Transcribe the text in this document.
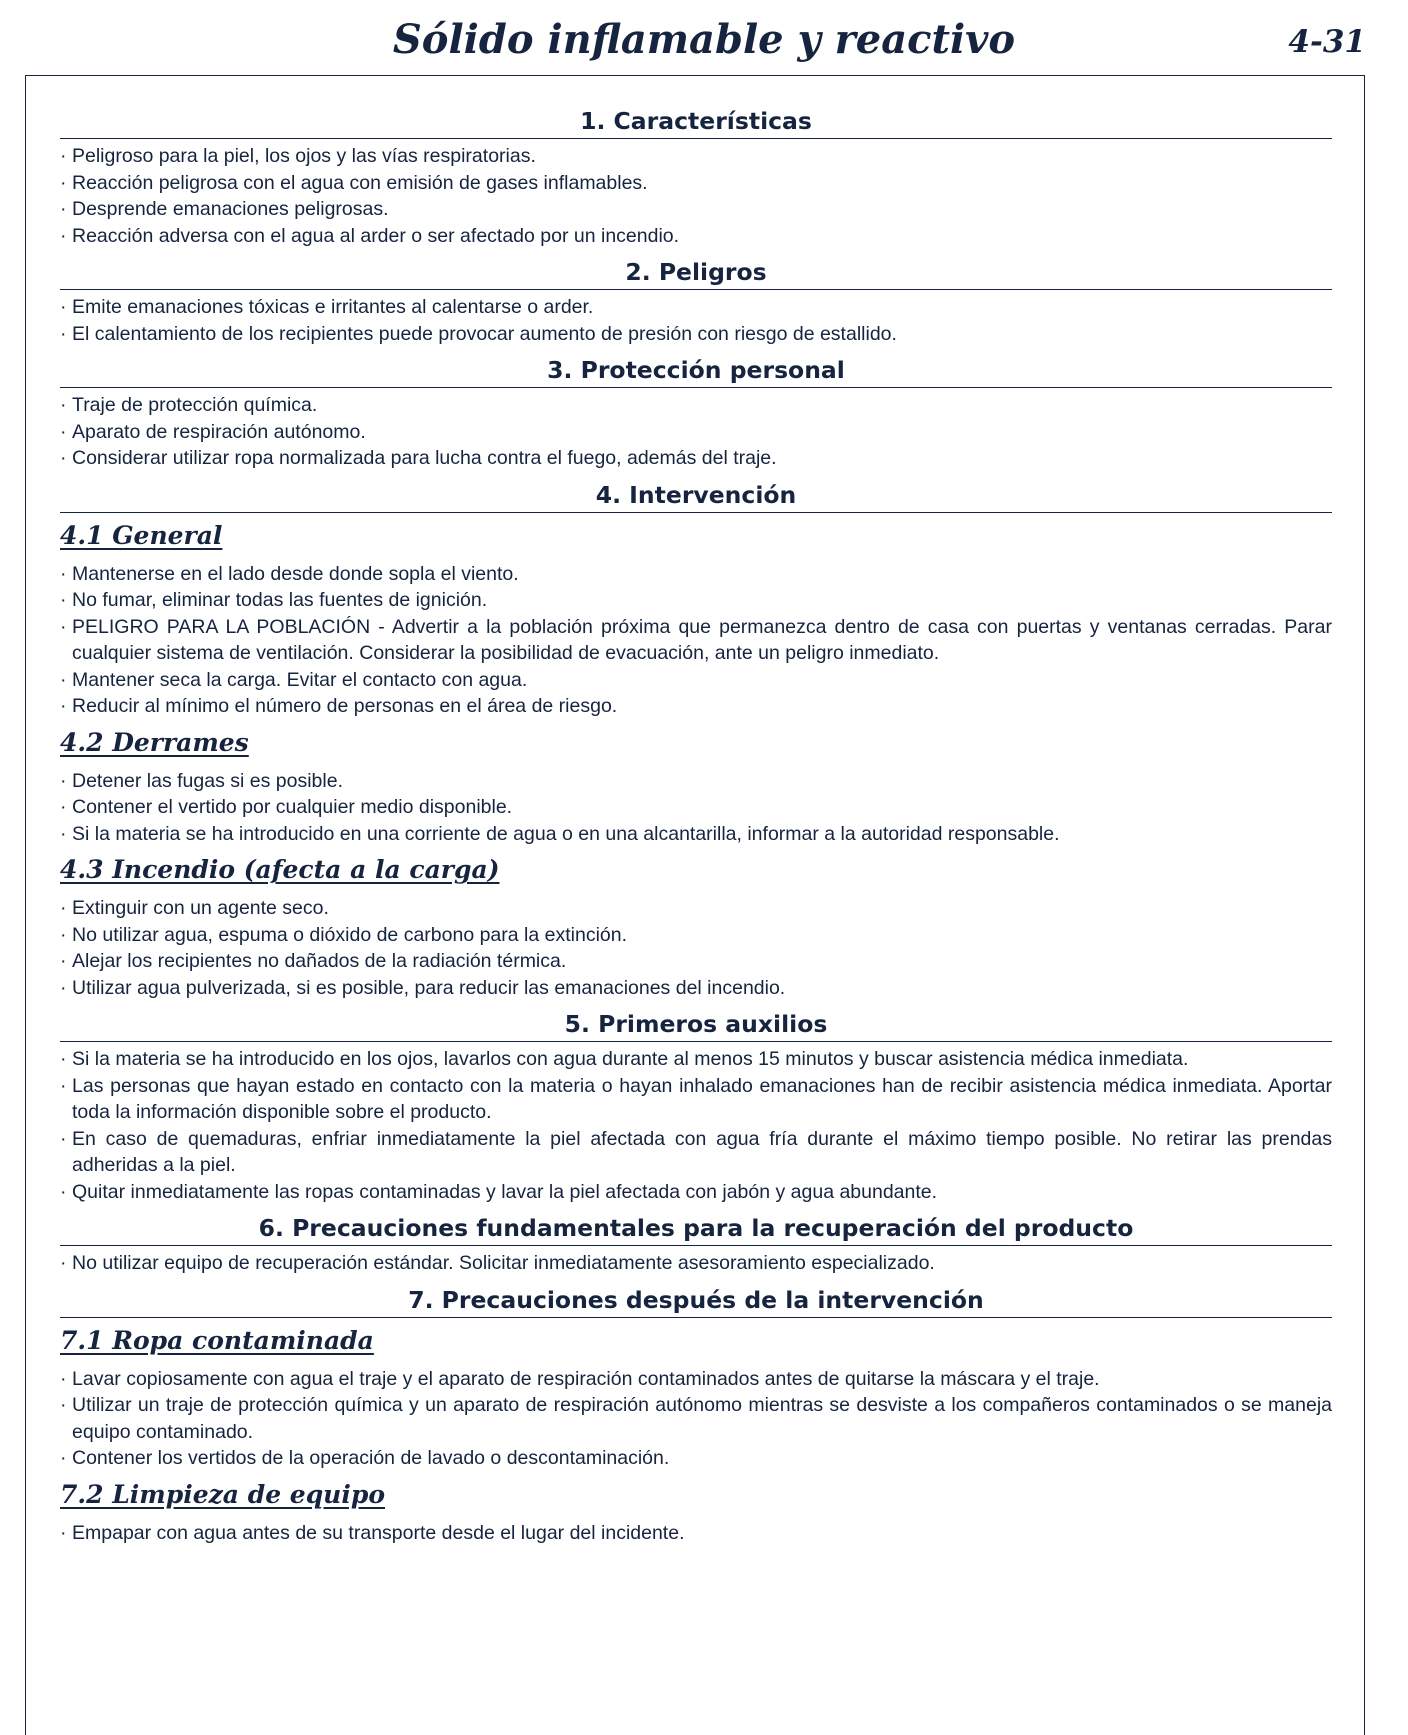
Sólido inflamable y reactivo	4-31
1. Características
· Peligroso para la piel, los ojos y las vías respiratorias.
· Reacción peligrosa con el agua con emisión de gases inflamables.
· Desprende emanaciones peligrosas.
· Reacción adversa con el agua al arder o ser afectado por un incendio.
2. Peligros
· Emite emanaciones tóxicas e irritantes al calentarse o arder.
· El calentamiento de los recipientes puede provocar aumento de presión con riesgo de estallido.
3. Protección personal
· Traje de protección química.
· Aparato de respiración autónomo.
· Considerar utilizar ropa normalizada para lucha contra el fuego, además del traje.
4. Intervención
4.1 General
· Mantenerse en el lado desde donde sopla el viento.
· No fumar, eliminar todas las fuentes de ignición.
· PELIGRO PARA LA POBLACIÓN - Advertir a la población próxima que permanezca dentro de casa con puertas y ventanas cerradas. Parar cualquier sistema de ventilación. Considerar la posibilidad de evacuación, ante un peligro inmediato.
· Mantener seca la carga. Evitar el contacto con agua.
· Reducir al mínimo el número de personas en el área de riesgo.
4.2 Derrames
· Detener las fugas si es posible.
· Contener el vertido por cualquier medio disponible.
· Si la materia se ha introducido en una corriente de agua o en una alcantarilla, informar a la autoridad responsable.
4.3 Incendio (afecta a la carga)
· Extinguir con un agente seco.
· No utilizar agua, espuma o dióxido de carbono para la extinción.
· Alejar los recipientes no dañados de la radiación térmica.
· Utilizar agua pulverizada, si es posible, para reducir las emanaciones del incendio.
5. Primeros auxilios
· Si la materia se ha introducido en los ojos, lavarlos con agua durante al menos 15 minutos y buscar asistencia médica inmediata.
· Las personas que hayan estado en contacto con la materia o hayan inhalado emanaciones han de recibir asistencia médica inmediata. Aportar toda la información disponible sobre el producto.
· En caso de quemaduras, enfriar inmediatamente la piel afectada con agua fría durante el máximo tiempo posible. No retirar las prendas adheridas a la piel.
· Quitar inmediatamente las ropas contaminadas y lavar la piel afectada con jabón y agua abundante.
6. Precauciones fundamentales para la recuperación del producto
· No utilizar equipo de recuperación estándar. Solicitar inmediatamente asesoramiento especializado.
7. Precauciones después de la intervención
7.1 Ropa contaminada
· Lavar copiosamente con agua el traje y el aparato de respiración contaminados antes de quitarse la máscara y el traje.
· Utilizar un traje de protección química y un aparato de respiración autónomo mientras se desviste a los compañeros contaminados o se maneja equipo contaminado.
· Contener los vertidos de la operación de lavado o descontaminación.
7.2 Limpieza de equipo
· Empapar con agua antes de su transporte desde el lugar del incidente.
